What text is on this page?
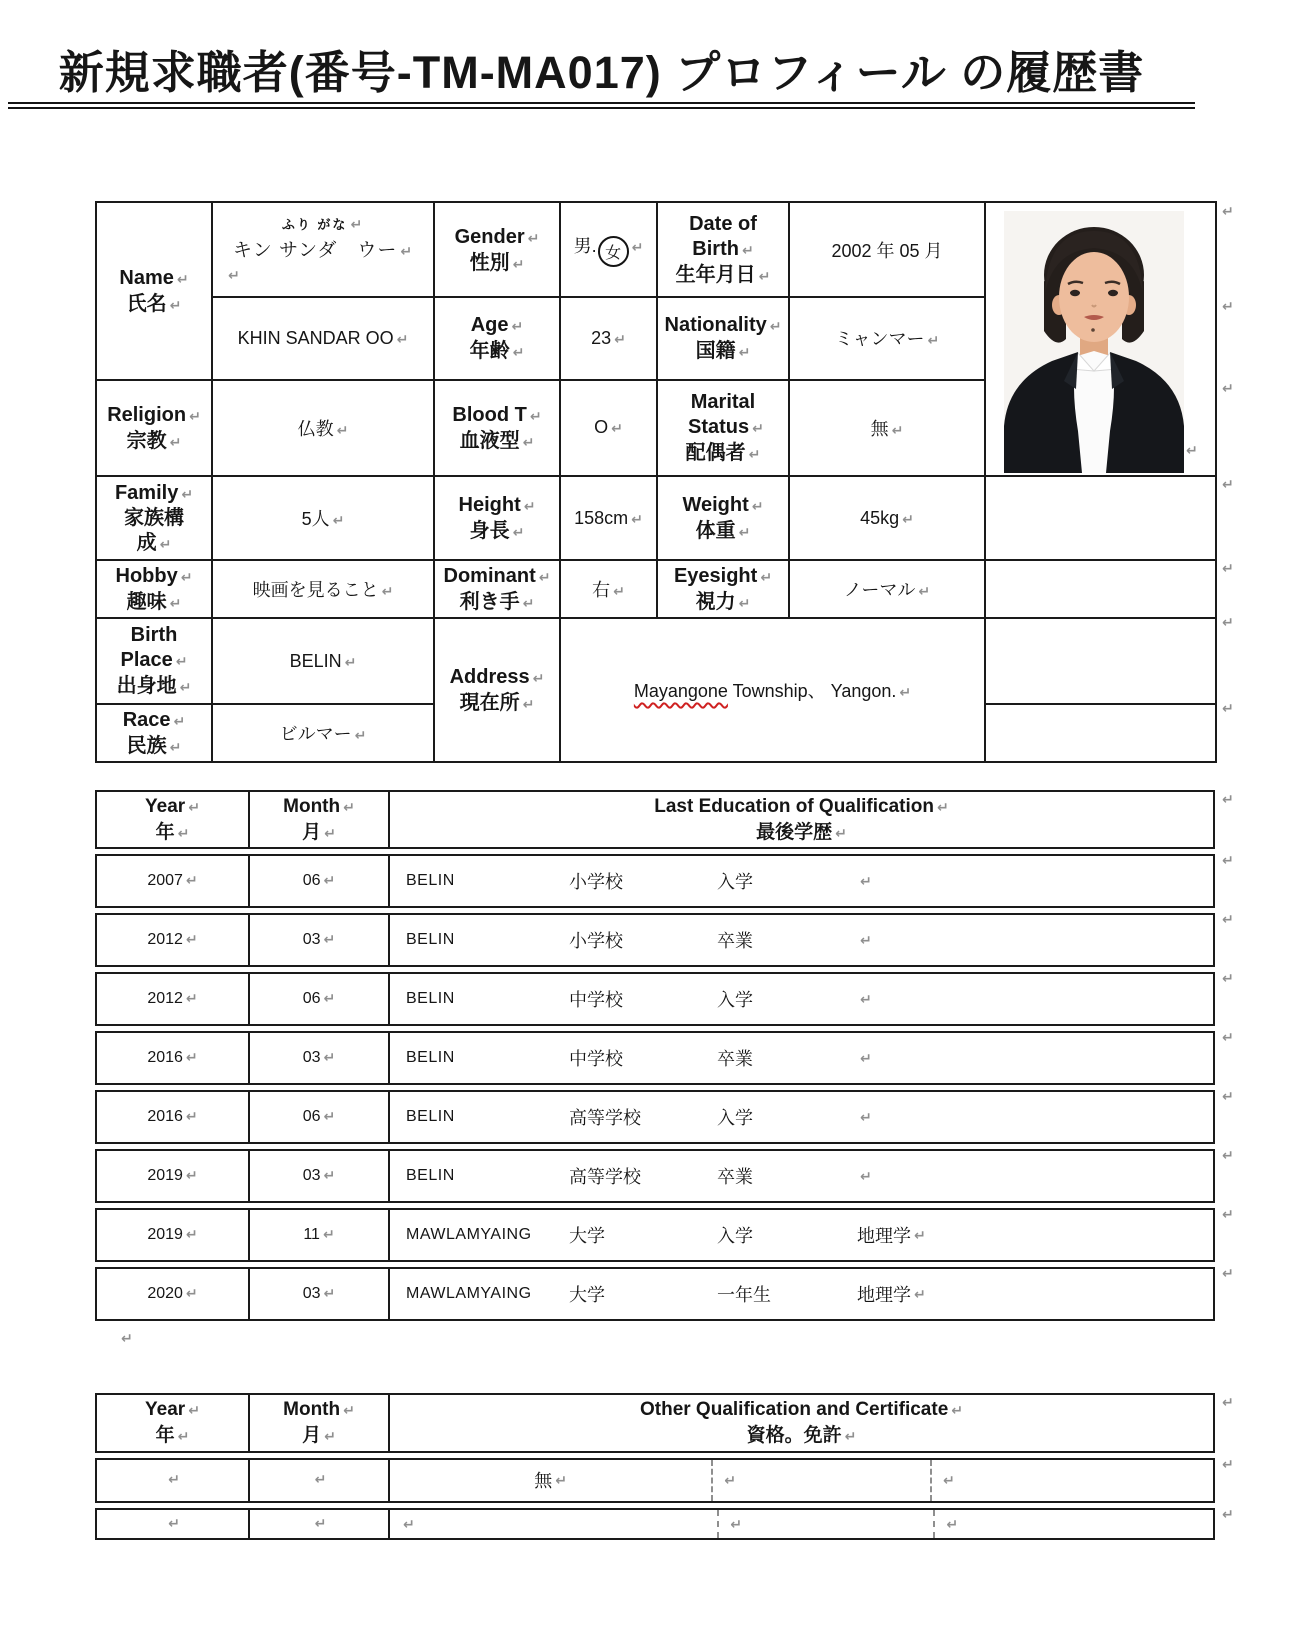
新規求職者(番号-TM-MA017) プロフィール の履歴書
Name ↵
氏名 ↵

ふり がな ↵
キン サンダ　ウー ↵
↵

Gender ↵
性別 ↵
	男. 女 ↵	
Date of Birth ↵
生年月日 ↵
	2002 年 05 月	
↵

KHIN SANDAR OO ↵	
Age ↵
年齢 ↵
	23 ↵	
Nationality ↵
国籍 ↵
	ミャンマー ↵

Religion ↵
宗教 ↵
	仏教 ↵	
Blood T ↵
血液型 ↵
	O ↵	
Marital Status ↵
配偶者 ↵
	無 ↵

Family ↵
家族構成 ↵
	5人 ↵	
Height ↵
身長 ↵
	158cm ↵	
Weight ↵
体重 ↵
	45kg ↵	

Hobby ↵
趣味 ↵
	映画を見ること ↵	
Dominant ↵
利き手 ↵
	右 ↵	
Eyesight ↵
視力 ↵
	ノーマル ↵	

Birth Place ↵
出身地 ↵
	BELIN ↵	
Address ↵
現在所 ↵
	Mayangone Township、 Yangon. ↵	

Race ↵
民族 ↵	ビルマー ↵					
↵
↵
↵
↵
↵
↵
↵
Year ↵
年 ↵

Month ↵
月 ↵

Last Education of Qualification ↵
最後学歴 ↵

2007 ↵	06 ↵	BELIN 小学校 入学 ↵

2012 ↵	03 ↵	BELIN 小学校 卒業 ↵

2012 ↵	06 ↵	BELIN 中学校 入学 ↵

2016 ↵	03 ↵	BELIN 中学校 卒業 ↵

2016 ↵	06 ↵	BELIN 高等学校 入学 ↵

2019 ↵	03 ↵	BELIN 高等学校 卒業 ↵

2019 ↵	11 ↵	MAWLAMYAING 大学 入学 地理学 ↵

2020 ↵	03 ↵	MAWLAMYAING 大学 一年生 地理学 ↵
↵
↵
↵
↵
↵
↵
↵
↵
↵
↵
Year ↵
年 ↵

Month ↵
月 ↵

Other Qualification and Certificate ↵
資格。免許 ↵

↵	↵	無 ↵ ↵ ↵

↵	↵	↵ ↵ ↵
↵
↵
↵
